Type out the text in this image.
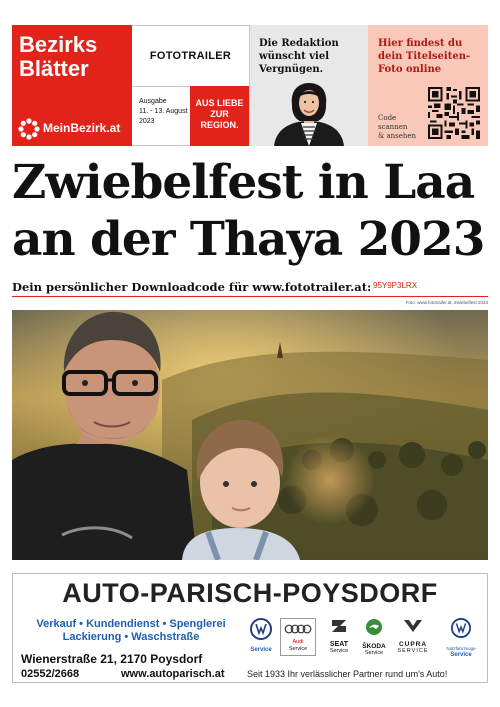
Bezirks
Blätter
MeinBezirk.at
FOTOTRAILER
Ausgabe
11. - 13. August
2023
AUS LIEBE
ZUR
REGION.
Die Redaktion
wünscht viel
Vergnügen.
Hier findest du
dein Titelseiten-
Foto online
Code
scannen
& ansehen
Zwiebelfest in Laa
an der Thaya 2023
Dein persönlicher Downloadcode für www.fototrailer.at: 95Y9P3LRX
Foto: www.fototrailer.at, Zwiebelfest 2023
AUTO-PARISCH-POYSDORF
Verkauf • Kundendienst • Spenglerei
Lackierung • Waschstraße
Wienerstraße 21, 2170 Poysdorf
02552/2668	www.autoparisch.at
Service
Audi
Service
SEAT
Service
ŠKODA
Service
CUPRA
SERVICE	Nutzfahrzeuge
Service
Seit 1933 Ihr verlässlicher Partner rund um's Auto!
